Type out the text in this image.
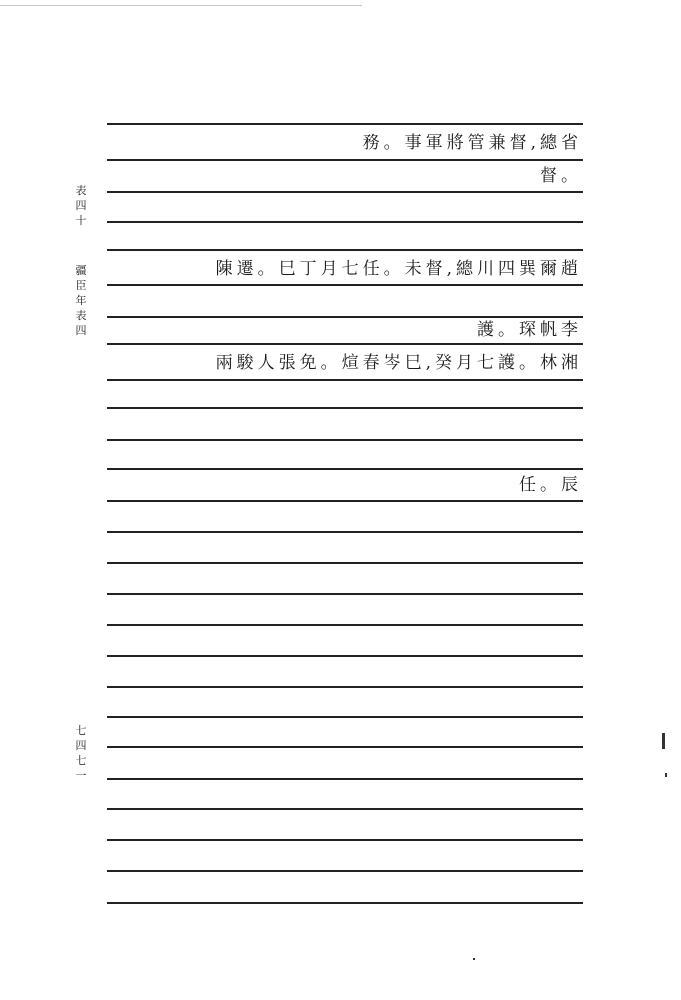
表四十
疆臣年表四
七四七一
務。事軍將管兼督,總省
督。
陳遷。巳丁月七任。未督,總川四巽爾趙
護。琛帆李
兩駿人張免。煊春岑巳,癸月七護。林湘
任。辰
